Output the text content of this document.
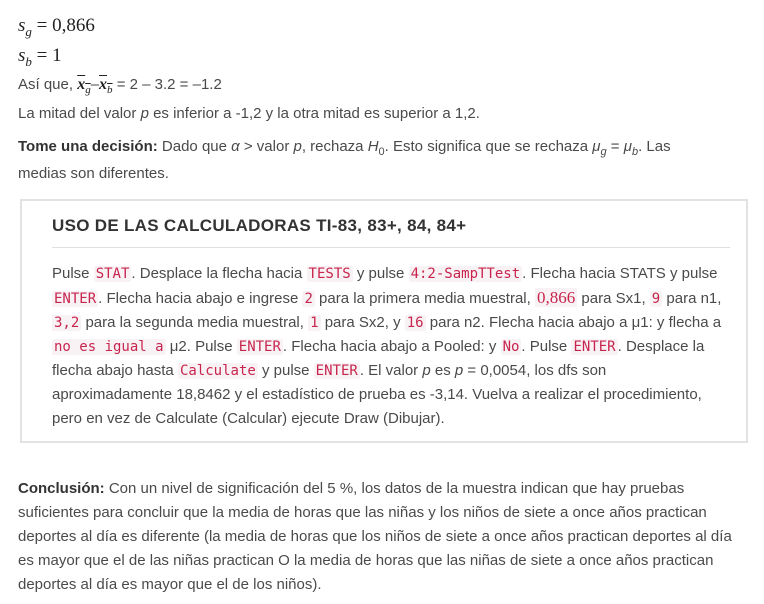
$s_g = 0,866$

$s_b = 1$

Así que, $x_g-x_b = 2 - 3.2 = -1.2$

La mitad del valor p es inferior a -1,2 y la otra mitad es superior a 1,2.

Tome una decisión: Dado que α > valor p, rechaza $H_0$. Esto significa que se rechaza $\mu_g = \mu_b$. Las
medias son diferentes.

USO DE LAS CALCULADORAS TI-83, 83+, 84, 84+
Pulse STAT . Desplace la flecha hacia TESTS y pulse 4:2-SampTTest . Flecha hacia STATS y pulse ENTER . Flecha hacia abajo e ingrese 2 para la primera media muestral, 0,866 para Sx1, 9 para n1, 3,2 para la segunda media muestral, 1 para Sx2, y 16 para n2. Flecha hacia abajo a μ1: y flecha a no es igual a μ2. Pulse ENTER . Flecha hacia abajo a Pooled: y No . Pulse ENTER . Desplace la flecha abajo hasta Calculate y pulse ENTER . El valor p es p = 0,0054, los dfs son aproximadamente 18,8462 y el estadístico de prueba es -3,14. Vuelva a realizar el procedimiento, pero en vez de Calculate (Calcular) ejecute Draw (Dibujar).

Conclusión: Con un nivel de significación del 5 %, los datos de la muestra indican que hay pruebas suficientes para concluir que la media de horas que las niñas y los niños de siete a once años practican deportes al día es diferente (la media de horas que los niños de siete a once años practican deportes al día es mayor que el de las niñas practican O la media de horas que las niñas de siete a once años practican deportes al día es mayor que el de los niños).
